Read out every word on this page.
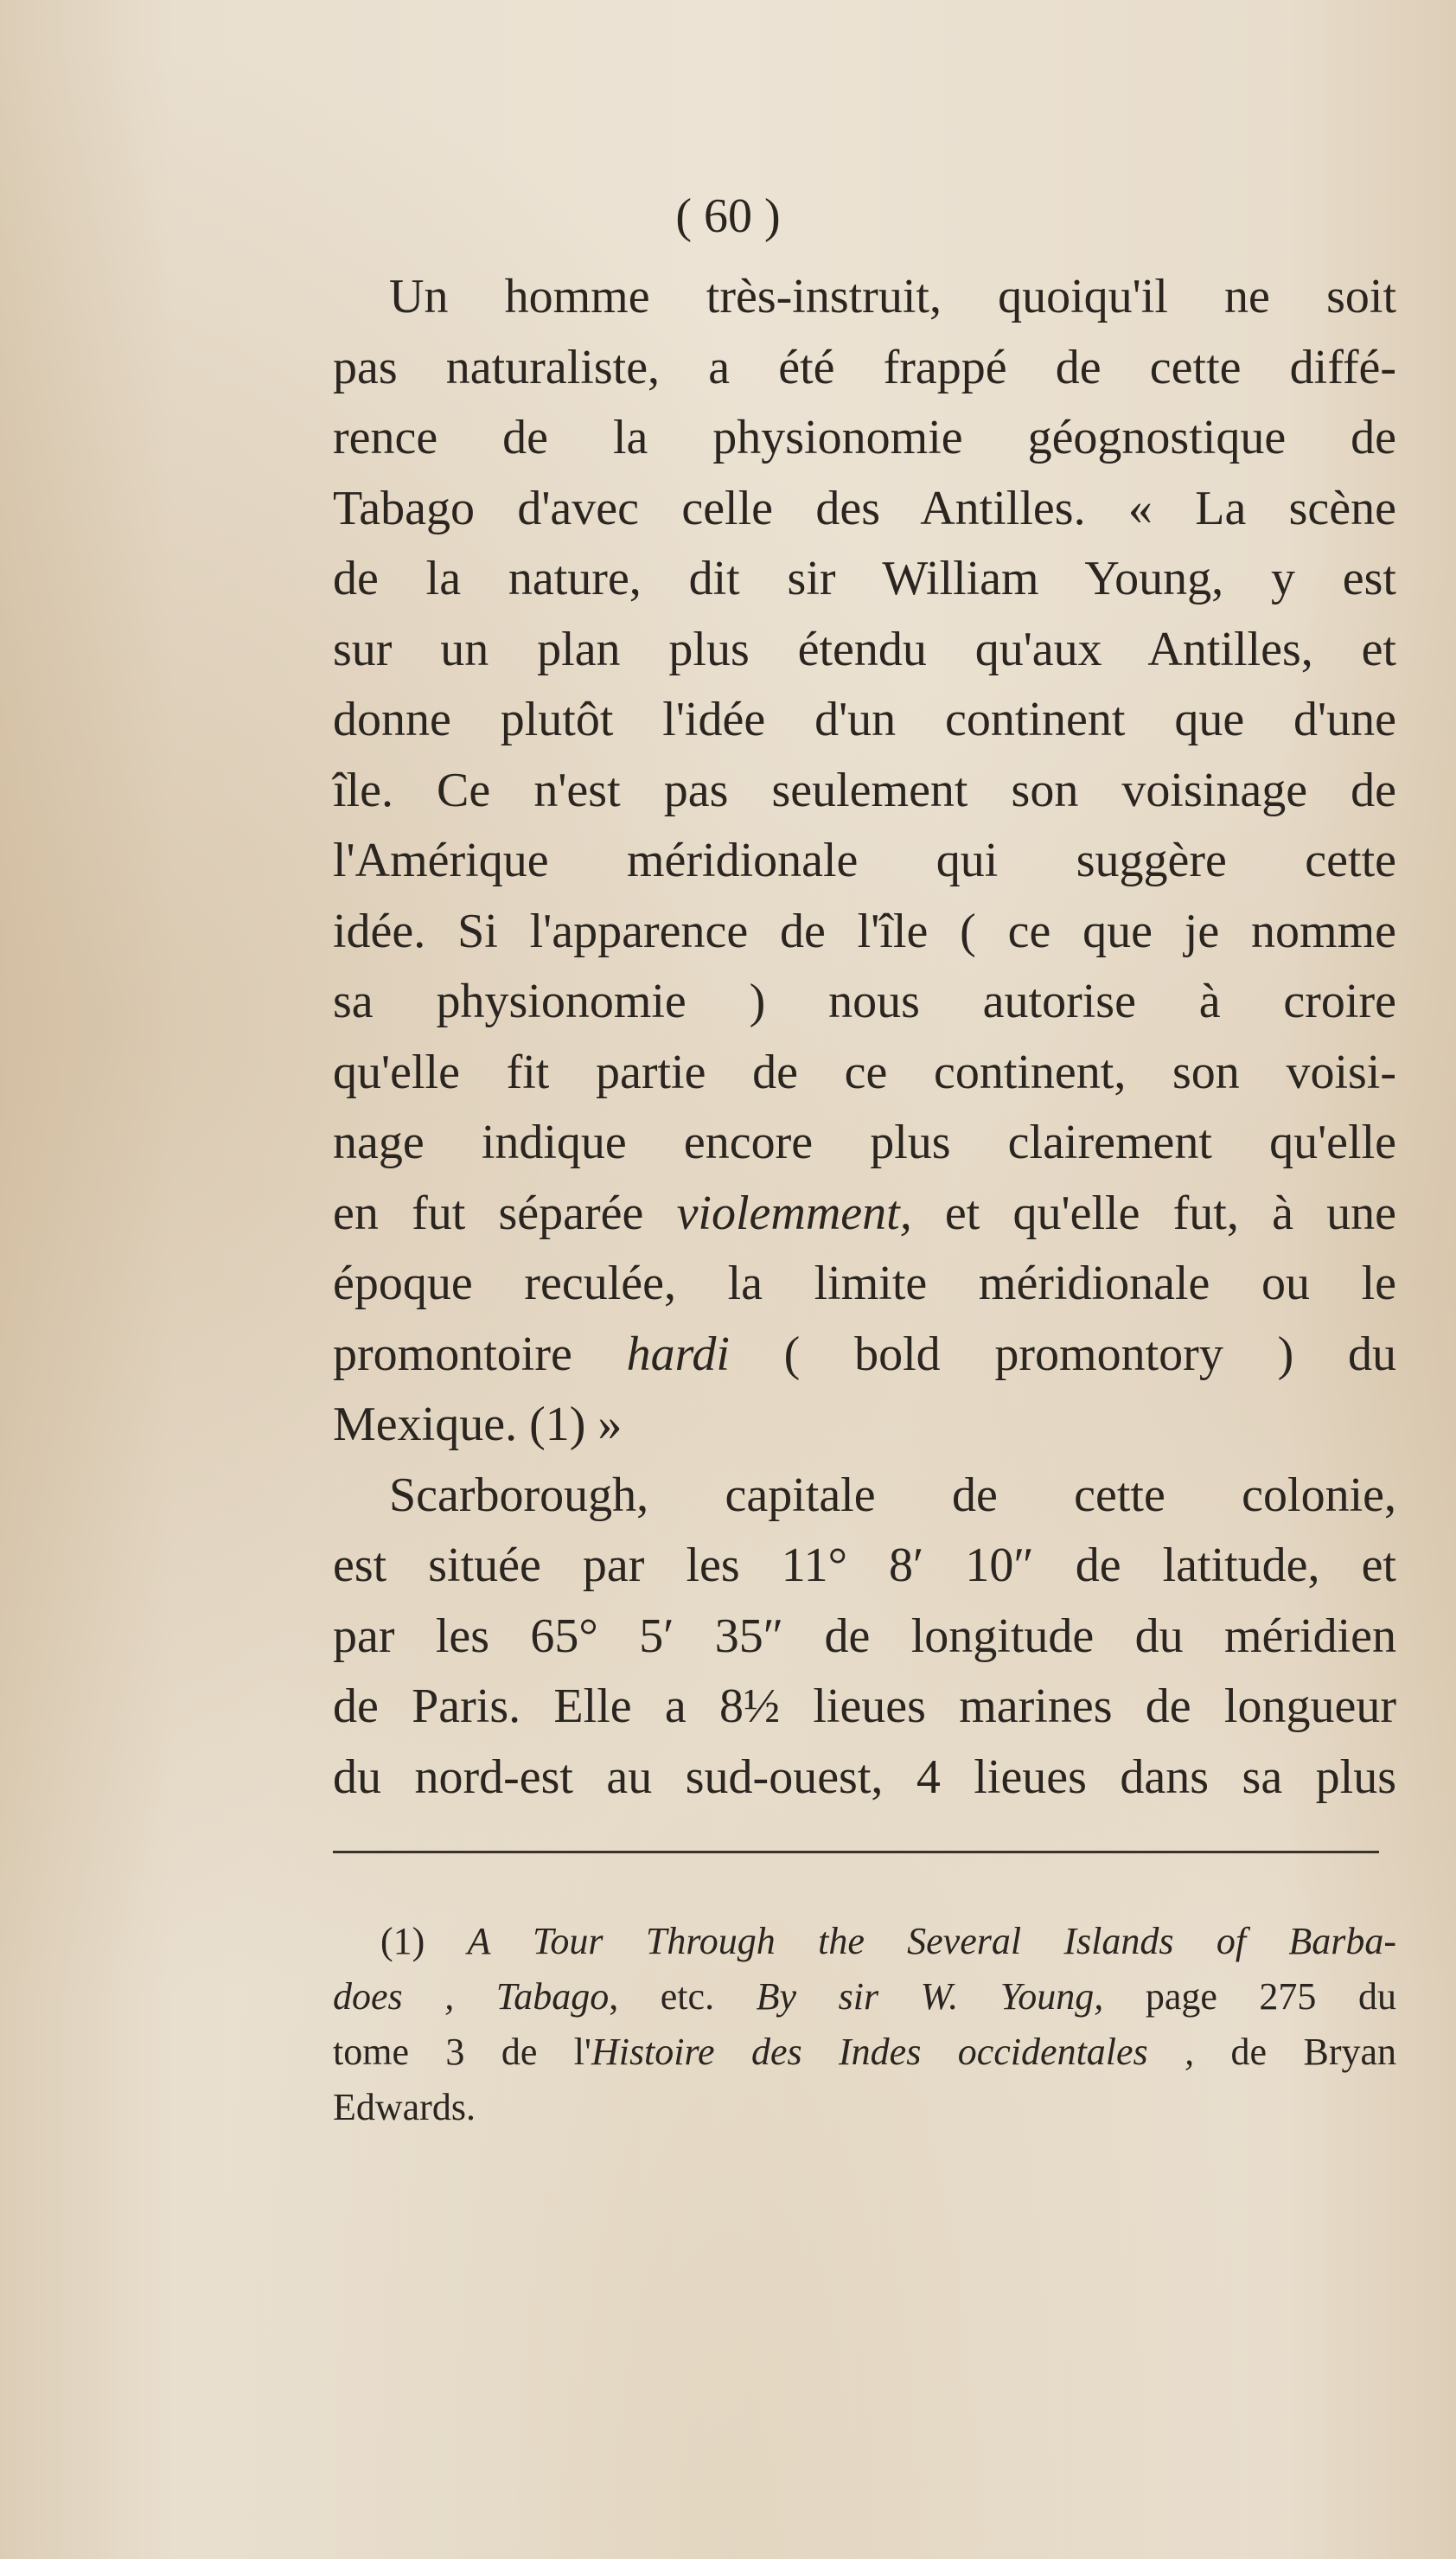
( 60 )
Un homme très-instruit, quoiqu'il ne soit
pas naturaliste, a été frappé de cette diffé-
rence de la physionomie géognostique de
Tabago d'avec celle des Antilles. « La scène
de la nature, dit sir William Young, y est
sur un plan plus étendu qu'aux Antilles, et
donne plutôt l'idée d'un continent que d'une
île. Ce n'est pas seulement son voisinage de
l'Amérique méridionale qui suggère cette
idée. Si l'apparence de l'île ( ce que je nomme
sa physionomie ) nous autorise à croire
qu'elle fit partie de ce continent, son voisi-
nage indique encore plus clairement qu'elle
en fut séparée violemment, et qu'elle fut, à une
époque reculée, la limite méridionale ou le
promontoire hardi ( bold promontory ) du
Mexique. (1) »
Scarborough, capitale de cette colonie,
est située par les 11° 8′ 10″ de latitude, et
par les 65° 5′ 35″ de longitude du méridien
de Paris. Elle a 8½ lieues marines de longueur
du nord-est au sud-ouest, 4 lieues dans sa plus
(1) A Tour Through the Several Islands of Barba-
does , Tabago, etc. By sir W. Young, page 275 du
tome 3 de l'Histoire des Indes occidentales , de Bryan
Edwards.
